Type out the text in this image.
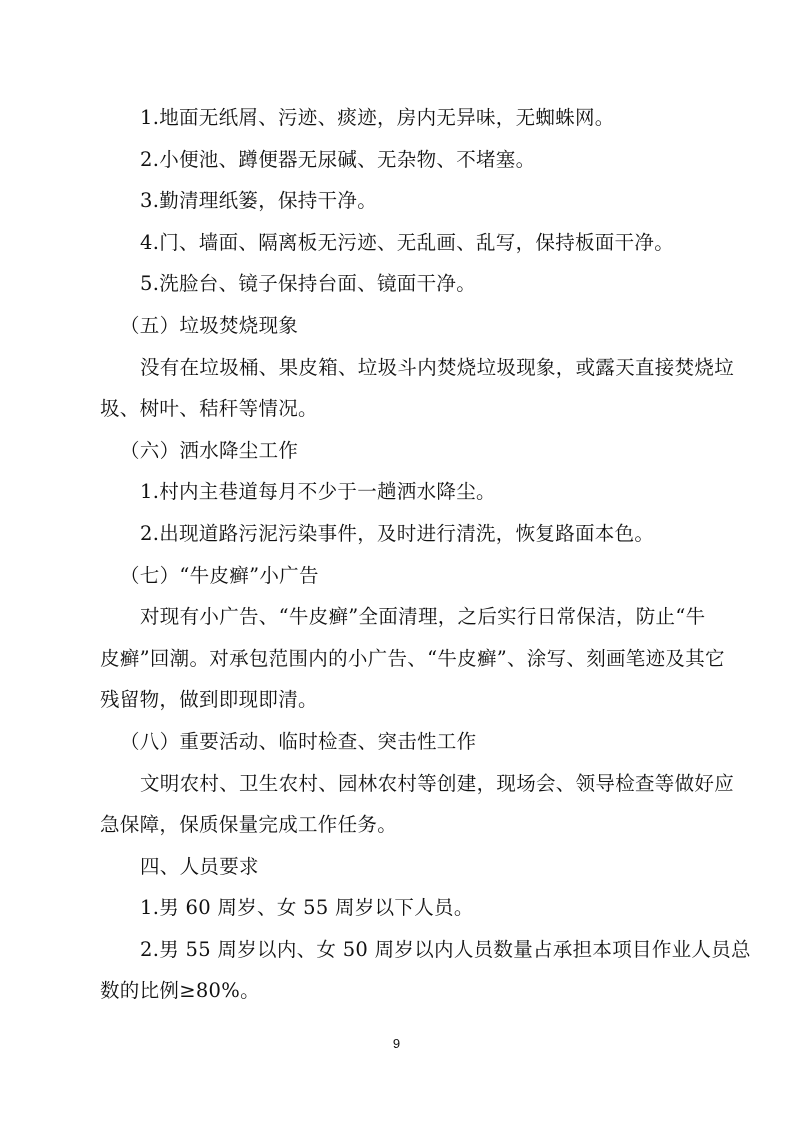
1.地面无纸屑、污迹、痰迹，房内无异味，无蜘蛛网。
2.小便池、蹲便器无尿碱、无杂物、不堵塞。
3.勤清理纸篓，保持干净。
4.门、墙面、隔离板无污迹、无乱画、乱写，保持板面干净。
5.洗脸台、镜子保持台面、镜面干净。
（五）垃圾焚烧现象
没有在垃圾桶、果皮箱、垃圾斗内焚烧垃圾现象，或露天直接焚烧垃
圾、树叶、秸秆等情况。
（六）洒水降尘工作
1.村内主巷道每月不少于一趟洒水降尘。
2.出现道路污泥污染事件，及时进行清洗，恢复路面本色。
（七）“牛皮癣”小广告
对现有小广告、“牛皮癣”全面清理，之后实行日常保洁，防止“牛
皮癣”回潮。对承包范围内的小广告、“牛皮癣”、涂写、刻画笔迹及其它
残留物，做到即现即清。
（八）重要活动、临时检查、突击性工作
文明农村、卫生农村、园林农村等创建，现场会、领导检查等做好应
急保障，保质保量完成工作任务。
四、人员要求
1.男 60 周岁、女 55 周岁以下人员。
2.男 55 周岁以内、女 50 周岁以内人员数量占承担本项目作业人员总
数的比例≥80%。
9
